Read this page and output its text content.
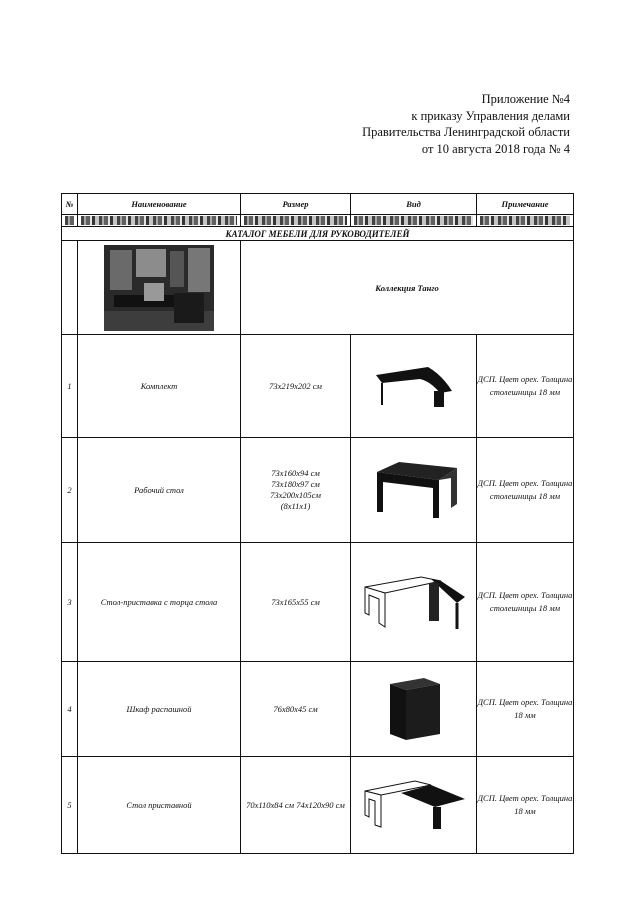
Приложение №4
к приказу Управления делами
Правительства Ленинградской области
от 10 августа 2018 года № 4
№	Наименование	Размер	Вид	Примечание

КАТАЛОГ МЕБЕЛИ ДЛЯ РУКОВОДИТЕЛЕЙ				

	Коллекция Танго		
1	Комплект	73х219х202 см		ДСП. Цвет орех. Толщина столешницы 18 мм
2	Рабочий стол	73х160х94 см
73х180х97 см
73х200х105см
(8х11х1)		ДСП. Цвет орех. Толщина столешницы 18 мм
3	Стол-приставка с торца стола	73х165х55 см		ДСП. Цвет орех. Толщина столешницы 18 мм
4	Шкаф распашной	76х80х45 см		ДСП. Цвет орех. Толщина 18 мм
5	Стол приставной	70х110х84 см 74х120х90 см		ДСП. Цвет орех. Толщина 18 мм
